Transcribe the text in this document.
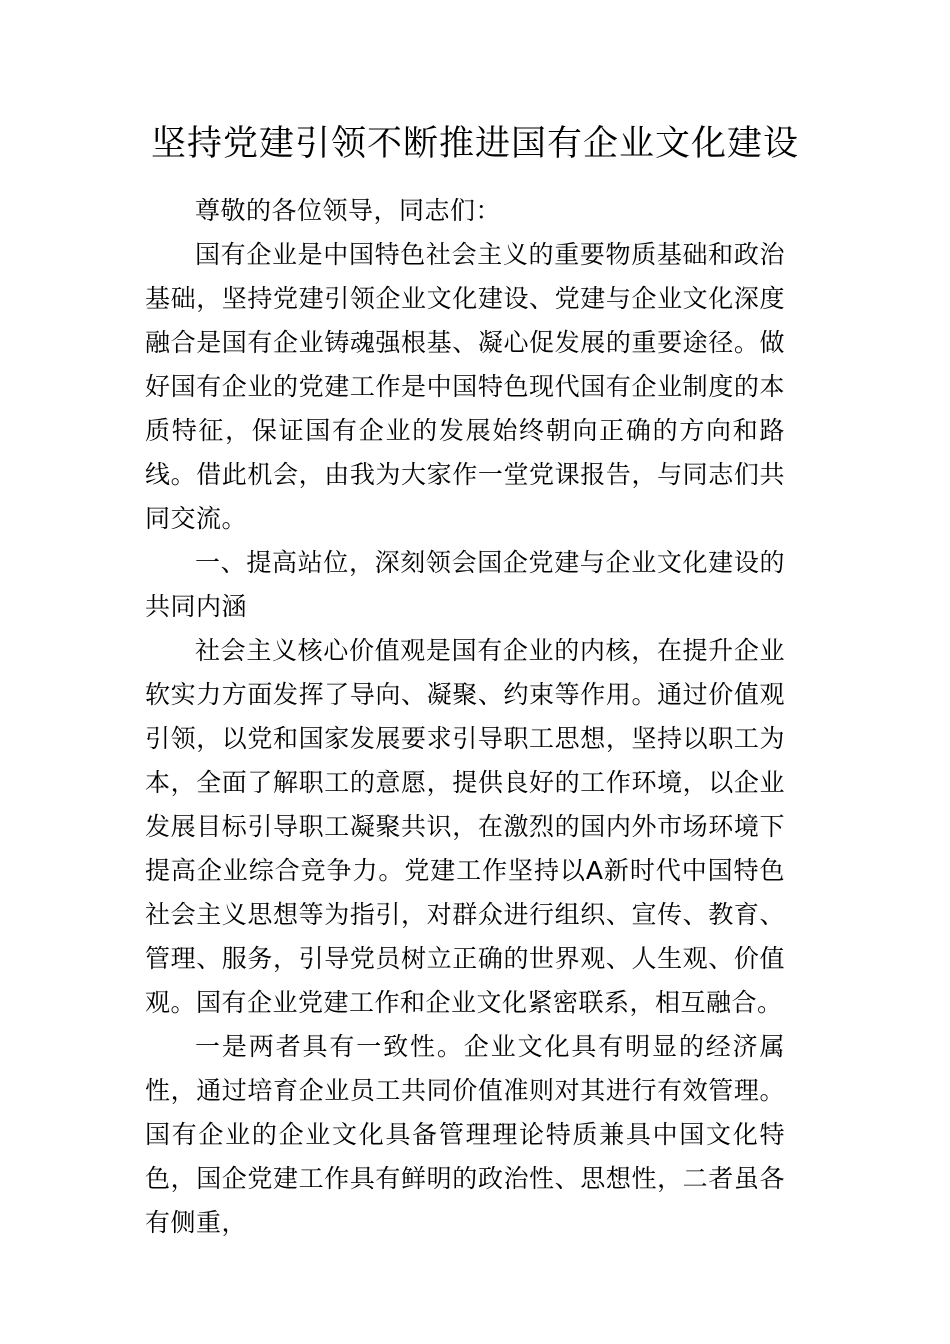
坚持党建引领不断推进国有企业文化建设

尊敬的各位领导，同志们：

国有企业是中国特色社会主义的重要物质基础和政治基础，坚持党建引领企业文化建设、党建与企业文化深度融合是国有企业铸魂强根基、凝心促发展的重要途径。做好国有企业的党建工作是中国特色现代国有企业制度的本质特征，保证国有企业的发展始终朝向正确的方向和路线。借此机会，由我为大家作一堂党课报告，与同志们共同交流。

一、提高站位，深刻领会国企党建与企业文化建设的共同内涵

社会主义核心价值观是国有企业的内核，在提升企业软实力方面发挥了导向、凝聚、约束等作用。通过价值观引领，以党和国家发展要求引导职工思想，坚持以职工为本，全面了解职工的意愿，提供良好的工作环境，以企业发展目标引导职工凝聚共识，在激烈的国内外市场环境下提高企业综合竞争力。党建工作坚持以A新时代中国特色社会主义思想等为指引，对群众进行组织、宣传、教育、管理、服务，引导党员树立正确的世界观、人生观、价值观。国有企业党建工作和企业文化紧密联系，相互融合。

一是两者具有一致性。企业文化具有明显的经济属性，通过培育企业员工共同价值准则对其进行有效管理。国有企业的企业文化具备管理理论特质兼具中国文化特色，国企党建工作具有鲜明的政治性、思想性，二者虽各有侧重，
